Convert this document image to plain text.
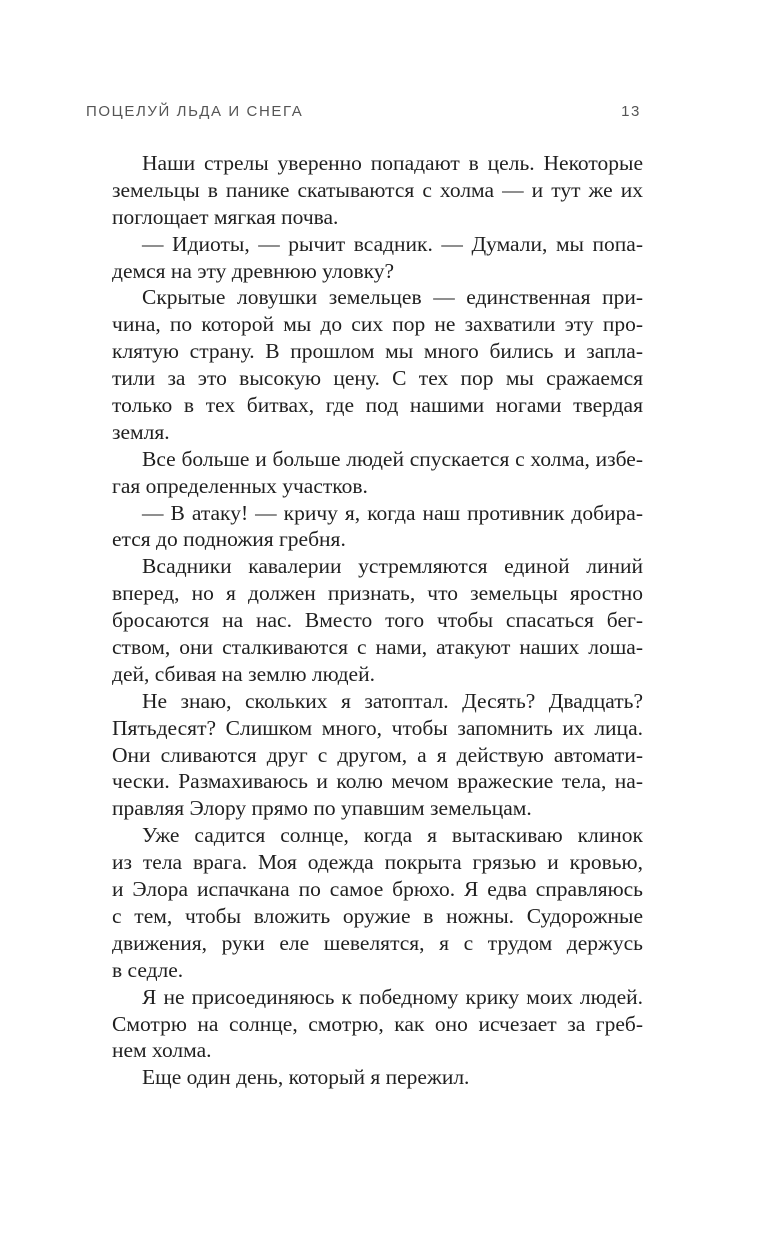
ПОЦЕЛУЙ ЛЬДА И СНЕГА	13
Наши стрелы уверенно попадают в цель. Некоторые
земельцы в панике скатываются с холма — и тут же их
поглощает мягкая почва.
— Идиоты, — рычит всадник. — Думали, мы попа-
демся на эту древнюю уловку?
Скрытые ловушки земельцев — единственная при-
чина, по которой мы до сих пор не захватили эту про-
клятую страну. В прошлом мы много бились и запла-
тили за это высокую цену. С тех пор мы сражаемся
только в тех битвах, где под нашими ногами твердая
земля.
Все больше и больше людей спускается с холма, избе-
гая определенных участков.
— В атаку! — кричу я, когда наш противник добира-
ется до подножия гребня.
Всадники кавалерии устремляются единой линий
вперед, но я должен признать, что земельцы яростно
бросаются на нас. Вместо того чтобы спасаться бег-
ством, они сталкиваются с нами, атакуют наших лоша-
дей, сбивая на землю людей.
Не знаю, скольких я затоптал. Десять? Двадцать?
Пятьдесят? Слишком много, чтобы запомнить их лица.
Они сливаются друг с другом, а я действую автомати-
чески. Размахиваюсь и колю мечом вражеские тела, на-
правляя Элору прямо по упавшим земельцам.
Уже садится солнце, когда я вытаскиваю клинок
из тела врага. Моя одежда покрыта грязью и кровью,
и Элора испачкана по самое брюхо. Я едва справляюсь
с тем, чтобы вложить оружие в ножны. Судорожные
движения, руки еле шевелятся, я с трудом держусь
в седле.
Я не присоединяюсь к победному крику моих людей.
Смотрю на солнце, смотрю, как оно исчезает за греб-
нем холма.
Еще один день, который я пережил.
